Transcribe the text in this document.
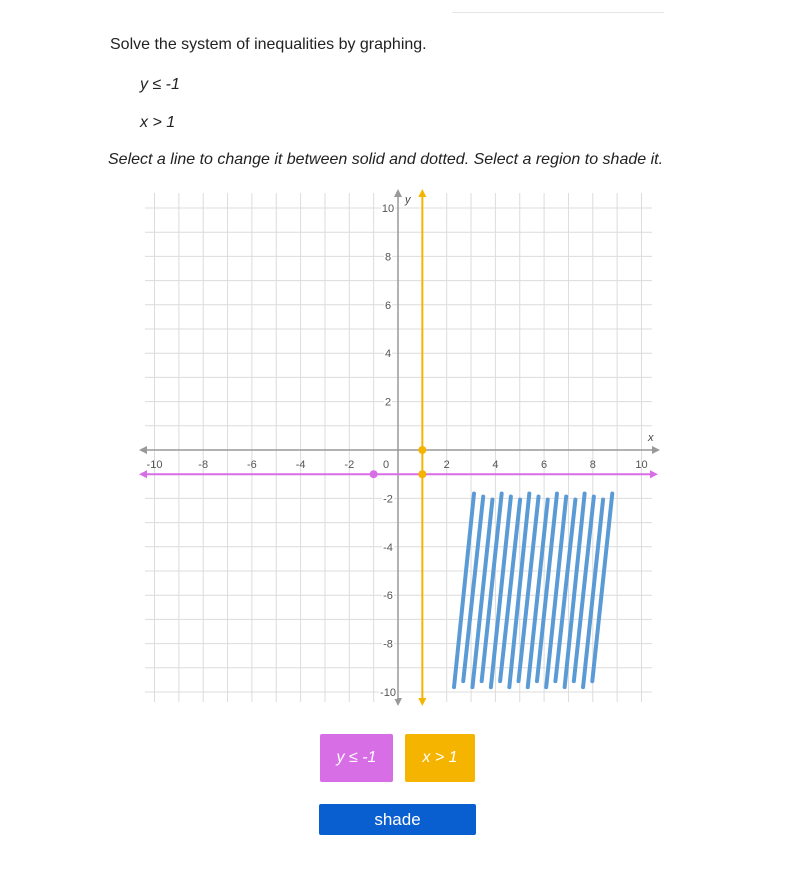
Solve the system of inequalities by graphing.
y ≤ -1
x > 1
Select a line to change it between solid and dotted. Select a region to shade it.
x
y
-10	-8	-6	-4	-2	0	2	4	6	8	10
10
8
6
4
2
-2
-4
-6
-8
-10
y ≤ -1	x > 1
shade
